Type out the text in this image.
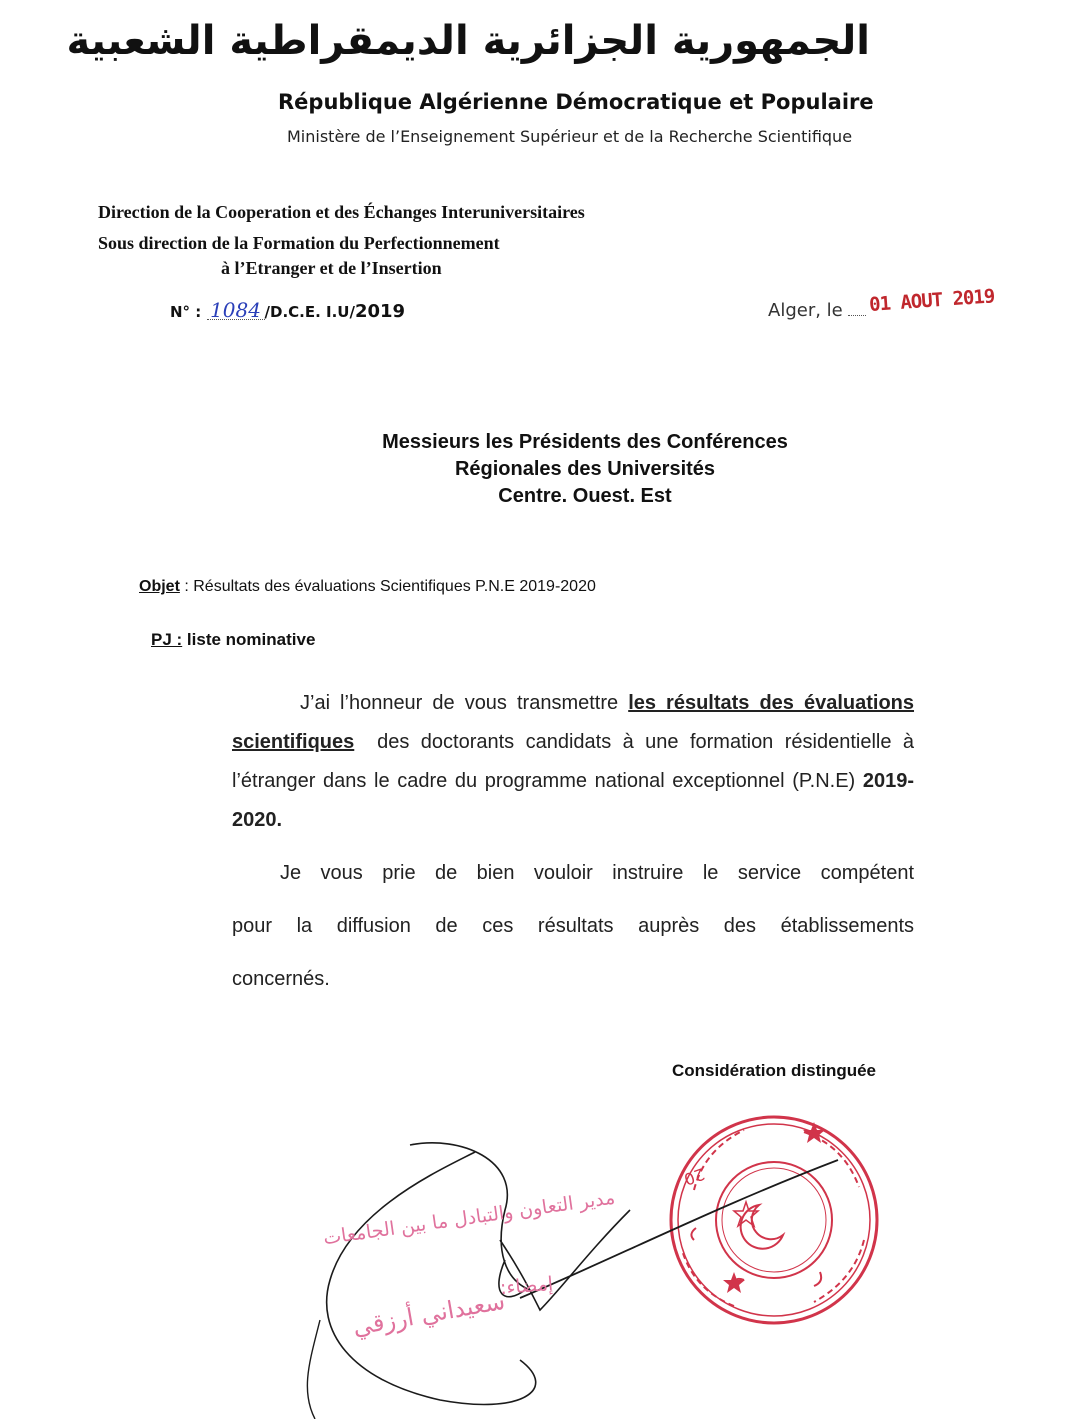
الجمهورية الجزائرية الديمقراطية الشعبية
République Algérienne Démocratique et Populaire
Ministère de l’Enseignement Supérieur et de la Recherche Scientifique
Direction de la Cooperation et des Échanges Interuniversitaires
Sous direction de la Formation du Perfectionnement
à l’Etranger et de l’Insertion
N° : 1084 /D.C.E. I.U/2019	Alger, le	01 AOUT 2019
Messieurs les Présidents des Conférences
Régionales des Universités
Centre. Ouest. Est
Objet : Résultats des évaluations Scientifiques P.N.E 2019-2020
PJ : liste nominative
J’ai l’honneur de vous transmettre les résultats des évaluations scientifiques des doctorants candidats à une formation résidentielle à l’étranger dans le cadre du programme national exceptionnel (P.N.E) 2019-2020.
Je vous prie de bien vouloir instruire le service compétent
pour la diffusion de ces résultats auprès des établissements
concernés.
Considération distinguée
20
مدير التعاون والتبادل ما بين الجامعات
إمضاء:
سعيداني أرزقي
